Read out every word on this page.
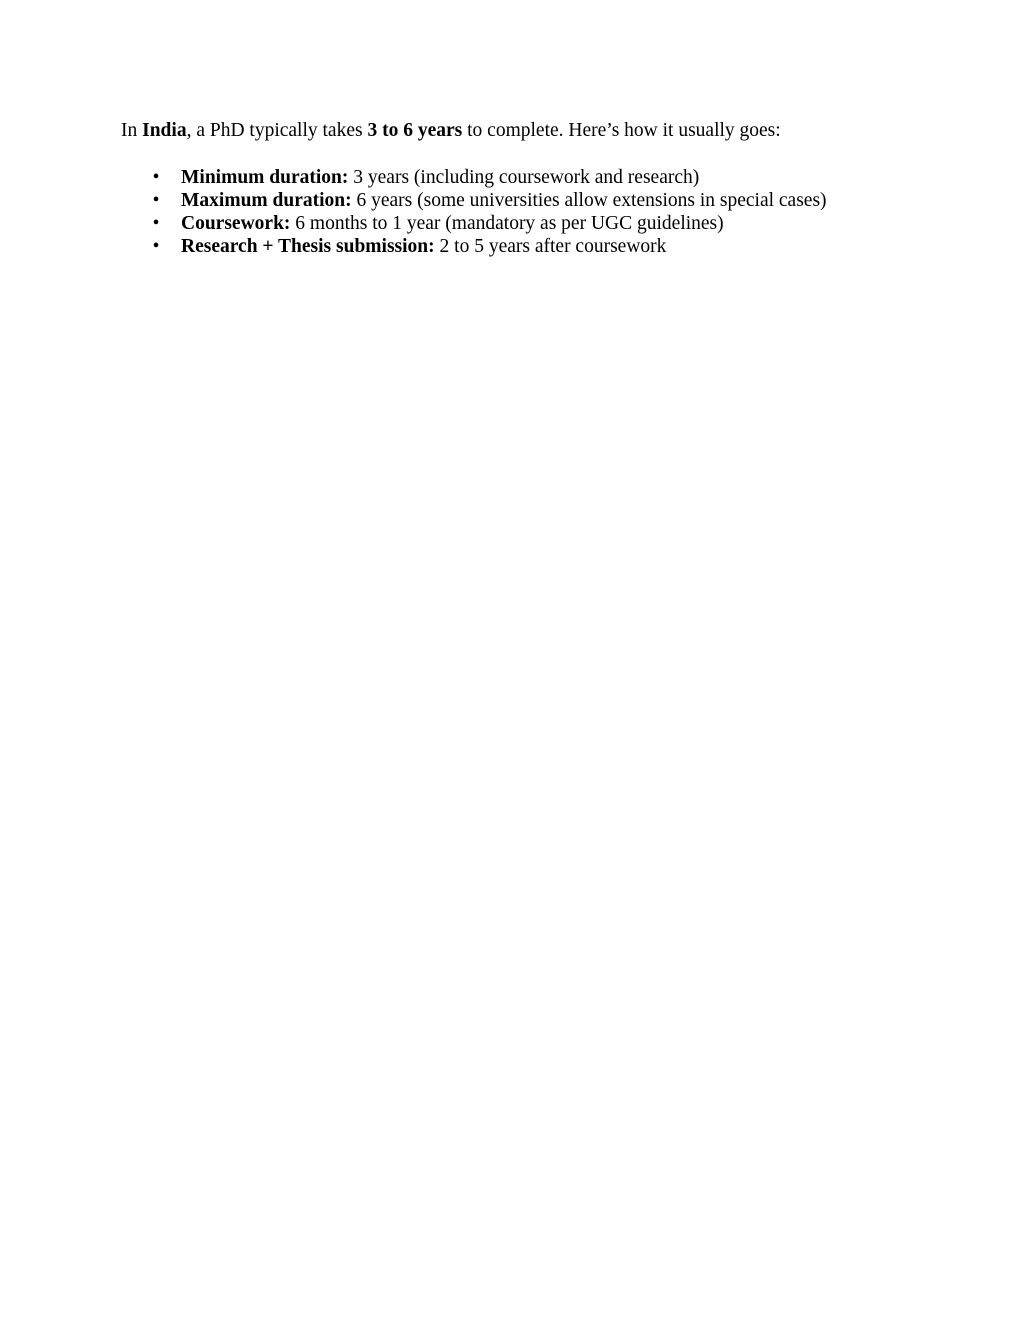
In India, a PhD typically takes 3 to 6 years to complete. Here’s how it usually goes:

• Minimum duration: 3 years (including coursework and research)
• Maximum duration: 6 years (some universities allow extensions in special cases)
• Coursework: 6 months to 1 year (mandatory as per UGC guidelines)
• Research + Thesis submission: 2 to 5 years after coursework
